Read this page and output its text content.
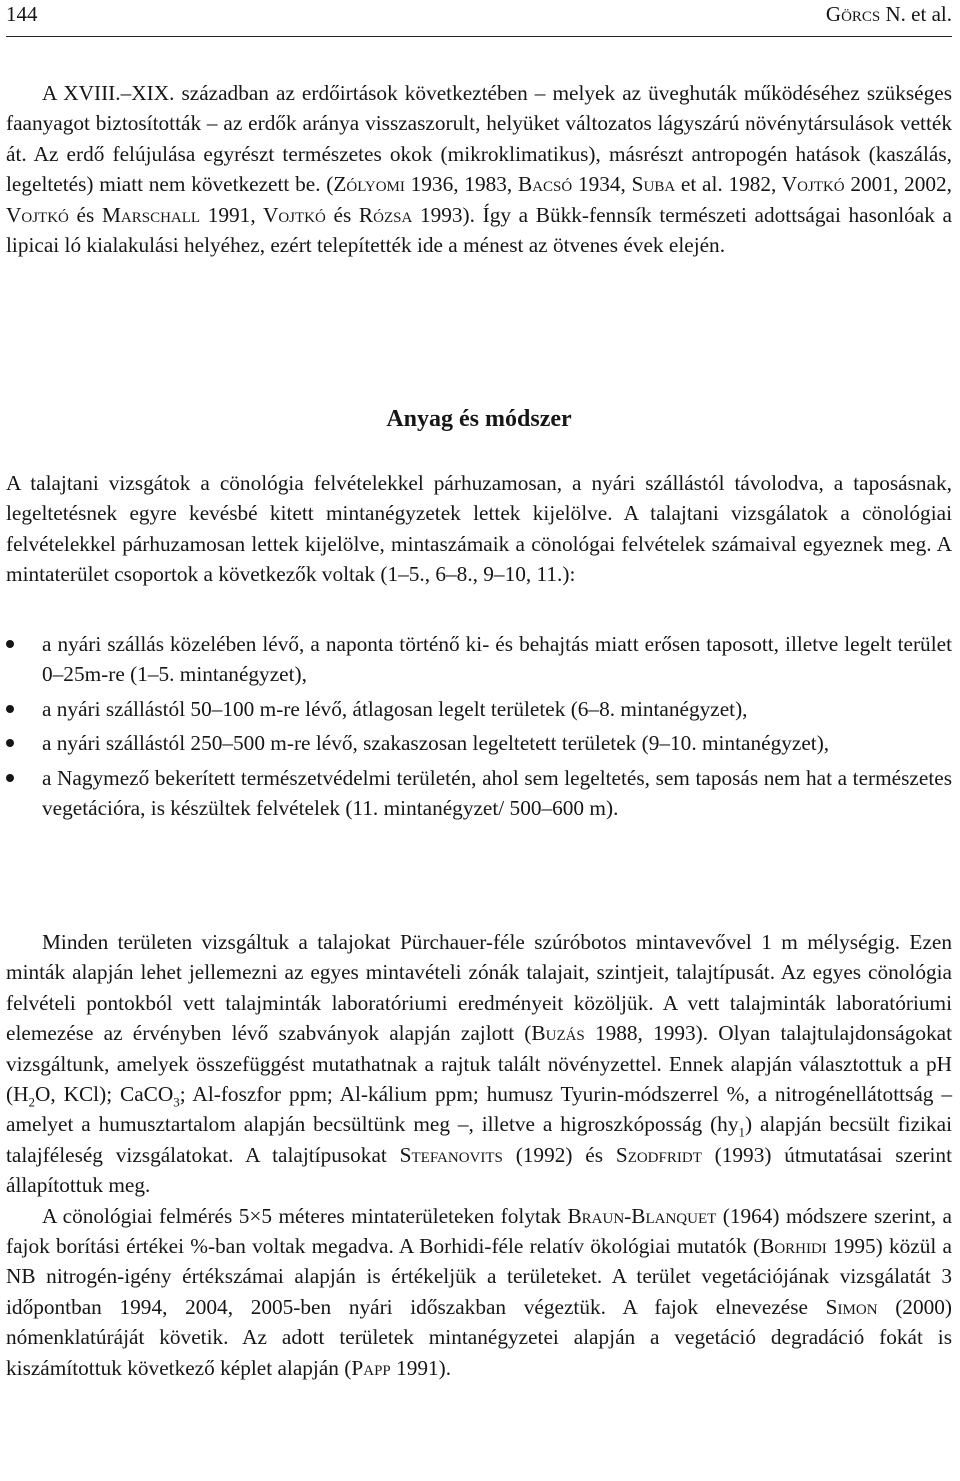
144	Görcs N. et al.

A XVIII.–XIX. században az erdőirtások következtében – melyek az üveghuták működéséhez szükséges faanyagot biztosították – az erdők aránya visszaszorult, helyüket változatos lágyszárú növénytársulások vették át. Az erdő felújulása egyrészt természetes okok (mikroklimatikus), másrészt antropogén hatások (kaszálás, legeltetés) miatt nem következett be. (Zólyomi 1936, 1983, Bacsó 1934, Suba et al. 1982, Vojtkó 2001, 2002, Vojtkó és Marschall 1991, Vojtkó és Rózsa 1993). Így a Bükk-fennsík természeti adottságai hasonlóak a lipicai ló kialakulási helyéhez, ezért telepítették ide a ménest az ötvenes évek elején.

Anyag és módszer

A talajtani vizsgátok a cönológia felvételekkel párhuzamosan, a nyári szállástól távolodva, a taposásnak, legeltetésnek egyre kevésbé kitett mintanégyzetek lettek kijelölve. A talajtani vizsgálatok a cönológiai felvételekkel párhuzamosan lettek kijelölve, mintaszámaik a cönológai felvételek számaival egyeznek meg. A mintaterület csoportok a következők voltak (1–5., 6–8., 9–10, 11.):

a nyári szállás közelében lévő, a naponta történő ki- és behajtás miatt erősen taposott, illetve legelt terület 0–25m-re (1–5. mintanégyzet),
a nyári szállástól 50–100 m-re lévő, átlagosan legelt területek (6–8. mintanégyzet),
a nyári szállástól 250–500 m-re lévő, szakaszosan legeltetett területek (9–10. mintanégyzet),
a Nagymező bekerített természetvédelmi területén, ahol sem legeltetés, sem taposás nem hat a természetes vegetációra, is készültek felvételek (11. mintanégyzet/ 500–600 m).

Minden területen vizsgáltuk a talajokat Pürchauer-féle szúróbotos mintavevővel 1 m mélységig. Ezen minták alapján lehet jellemezni az egyes mintavételi zónák talajait, szintjeit, talajtípusát. Az egyes cönológia felvételi pontokból vett talajminták laboratóriumi eredményeit közöljük. A vett talajminták laboratóriumi elemezése az érvényben lévő szabványok alapján zajlott (Buzás 1988, 1993). Olyan talajtulajdonságokat vizsgáltunk, amelyek összefüggést mutathatnak a rajtuk talált növényzettel. Ennek alapján választottuk a pH ($H_2O$, KCl); CaCO$_3$; Al-foszfor ppm; Al-kálium ppm; humusz Tyurin-módszerrel %, a nitrogénellátottság – amelyet a humusztartalom alapján becsültünk meg –, illetve a higroszkóposság $(hy_1)$ alapján becsült fizikai talajféleség vizsgálatokat. A talajtípusokat Stefanovits (1992) és Szodfridt (1993) útmutatásai szerint állapítottuk meg.

A cönológiai felmérés 5×5 méteres mintaterületeken folytak Braun-Blanquet (1964) módszere szerint, a fajok borítási értékei %-ban voltak megadva. A Borhidi-féle relatív ökológiai mutatók (Borhidi 1995) közül a NB nitrogén-igény értékszámai alapján is értékeljük a területeket. A terület vegetációjának vizsgálatát 3 időpontban 1994, 2004, 2005-ben nyári időszakban végeztük. A fajok elnevezése Simon (2000) nómenklatúráját követik. Az adott területek mintanégyzetei alapján a vegetáció degradáció fokát is kiszámítottuk következő képlet alapján (Papp 1991).
